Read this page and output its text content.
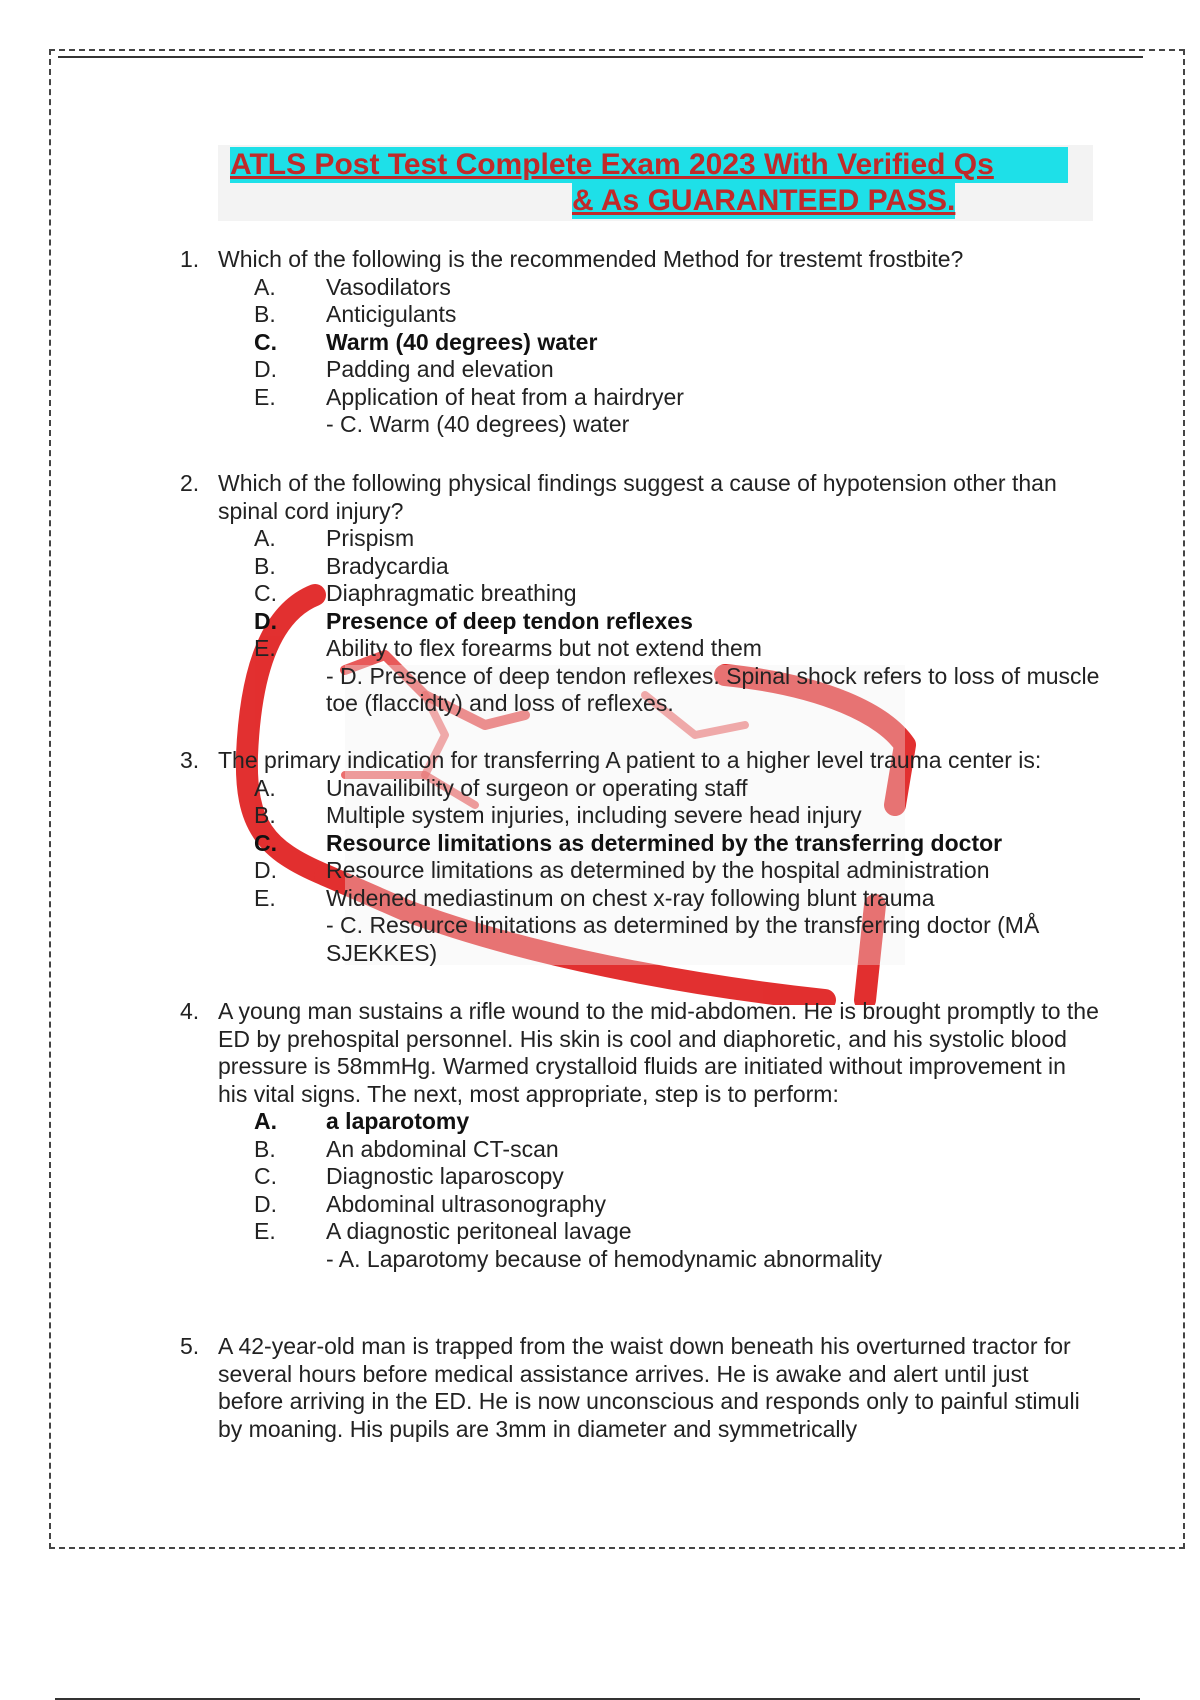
ATLS Post Test Complete Exam 2023 With Verified Qs
& As GUARANTEED PASS.
1. Which of the following is the recommended Method for trestemt frostbite?
A.	Vasodilators
B.	Anticigulants
C.	Warm (40 degrees) water
D.	Padding and elevation
E.	Application of heat from a hairdryer
- C. Warm (40 degrees) water
2. Which of the following physical findings suggest a cause of hypotension other than spinal cord injury?
A.	Prispism
B.	Bradycardia
C.	Diaphragmatic breathing
D.	Presence of deep tendon reflexes
E.	Ability to flex forearms but not extend them
- D. Presence of deep tendon reflexes. Spinal shock refers to loss of muscle toe (flaccidty) and loss of reflexes.
3. The primary indication for transferring A patient to a higher level trauma center is:
A.	Unavailibility of surgeon or operating staff
B.	Multiple system injuries, including severe head injury
C.	Resource limitations as determined by the transferring doctor
D.	Resource limitations as determined by the hospital administration
E.	Widened mediastinum on chest x-ray following blunt trauma
- C. Resource limitations as determined by the transferring doctor (MÅ SJEKKES)
4. A young man sustains a rifle wound to the mid-abdomen. He is brought promptly to the ED by prehospital personnel. His skin is cool and diaphoretic, and his systolic blood pressure is 58mmHg. Warmed crystalloid fluids are initiated without improvement in his vital signs. The next, most appropriate, step is to perform:
A.	a laparotomy
B.	An abdominal CT-scan
C.	Diagnostic laparoscopy
D.	Abdominal ultrasonography
E.	A diagnostic peritoneal lavage
- A. Laparotomy because of hemodynamic abnormality
5. A 42-year-old man is trapped from the waist down beneath his overturned tractor for several hours before medical assistance arrives. He is awake and alert until just before arriving in the ED. He is now unconscious and responds only to painful stimuli by moaning. His pupils are 3mm in diameter and symmetrically
